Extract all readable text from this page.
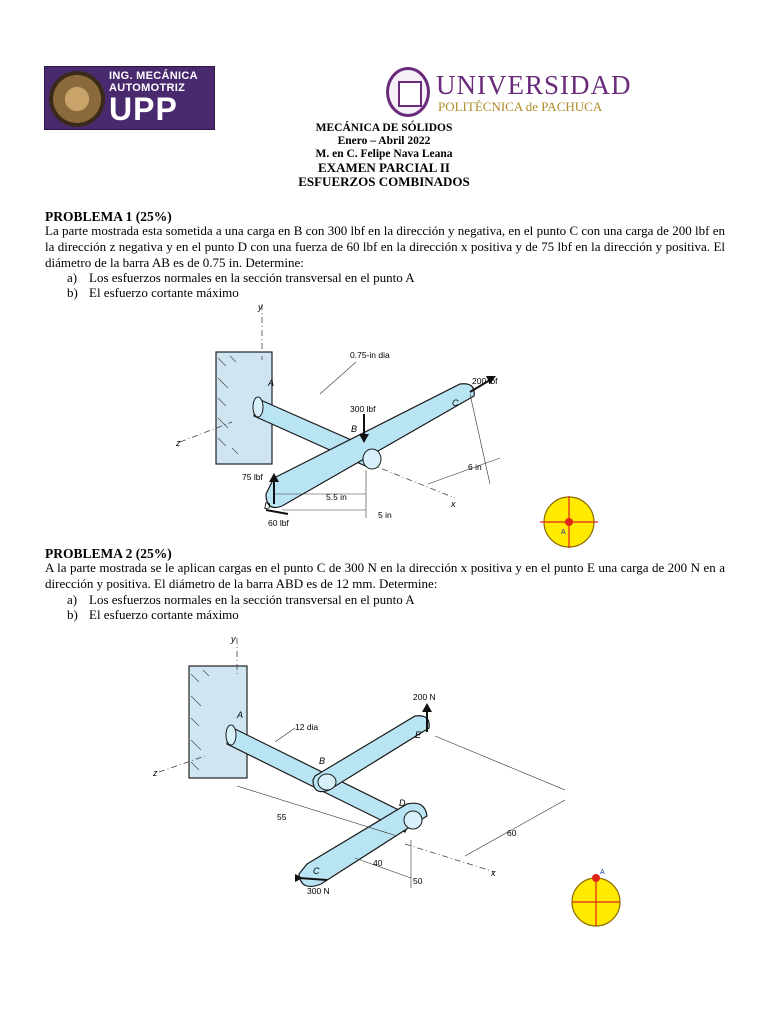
ING. MECÁNICA
AUTOMOTRIZ
UPP
UNIVERSIDAD
POLITÉCNICA de PACHUCA
MECÁNICA DE SÓLIDOS
Enero – Abril 2022
M. en C. Felipe Nava Leana
EXAMEN PARCIAL II
ESFUERZOS COMBINADOS
PROBLEMA 1 (25%)
La parte mostrada esta sometida a una carga en B con 300 lbf en la dirección y negativa, en el punto C con una carga de 200 lbf en la dirección z negativa y en el punto D con una fuerza de 60 lbf en la dirección x positiva y de 75 lbf en la dirección y positiva. El diámetro de la barra AB es de 0.75 in. Determine:
a) Los esfuerzos normales en la sección transversal en el punto A
b) El esfuerzo cortante máximo
y
z
x
5.5 in
5 in
6 in
300 lbf
200 lbf
75 lbf
60 lbf
0.75-in dia
A
B
C
D
A
PROBLEMA 2 (25%)
A la parte mostrada se le aplican cargas en el punto C de 300 N en la dirección x positiva y en el punto E una carga de 200 N en a dirección y positiva. El diámetro de la barra ABD es de 12 mm. Determine:
a) Los esfuerzos normales en la sección transversal en el punto A
b) El esfuerzo cortante máximo
y
z
x
55
40
50
60
200 N
300 N
12 dia
A
B
C
D
E
A
